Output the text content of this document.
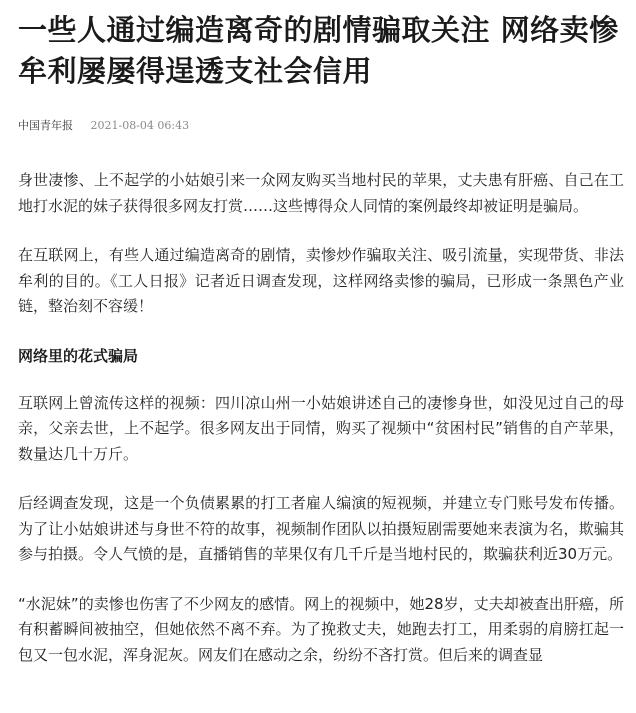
一些人通过编造离奇的剧情骗取关注 网络卖惨牟利屡屡得逞透支社会信用
中国青年报 2021-08-04 06:43

身世凄惨、上不起学的小姑娘引来一众网友购买当地村民的苹果，丈夫患有肝癌、自己在工地打水泥的妹子获得很多网友打赏……这些博得众人同情的案例最终却被证明是骗局。

在互联网上，有些人通过编造离奇的剧情，卖惨炒作骗取关注、吸引流量，实现带货、非法牟利的目的。《工人日报》记者近日调查发现，这样网络卖惨的骗局，已形成一条黑色产业链，整治刻不容缓！

网络里的花式骗局

互联网上曾流传这样的视频：四川凉山州一小姑娘讲述自己的凄惨身世，如没见过自己的母亲，父亲去世，上不起学。很多网友出于同情，购买了视频中“贫困村民”销售的自产苹果，数量达几十万斤。

后经调查发现，这是一个负债累累的打工者雇人编演的短视频，并建立专门账号发布传播。为了让小姑娘讲述与身世不符的故事，视频制作团队以拍摄短剧需要她来表演为名，欺骗其参与拍摄。令人气愤的是，直播销售的苹果仅有几千斤是当地村民的，欺骗获利近30万元。

“水泥妹”的卖惨也伤害了不少网友的感情。网上的视频中，她28岁，丈夫却被查出肝癌，所有积蓄瞬间被抽空，但她依然不离不弃。为了挽救丈夫，她跑去打工，用柔弱的肩膀扛起一包又一包水泥，浑身泥灰。网友们在感动之余，纷纷不吝打赏。但后来的调查显
